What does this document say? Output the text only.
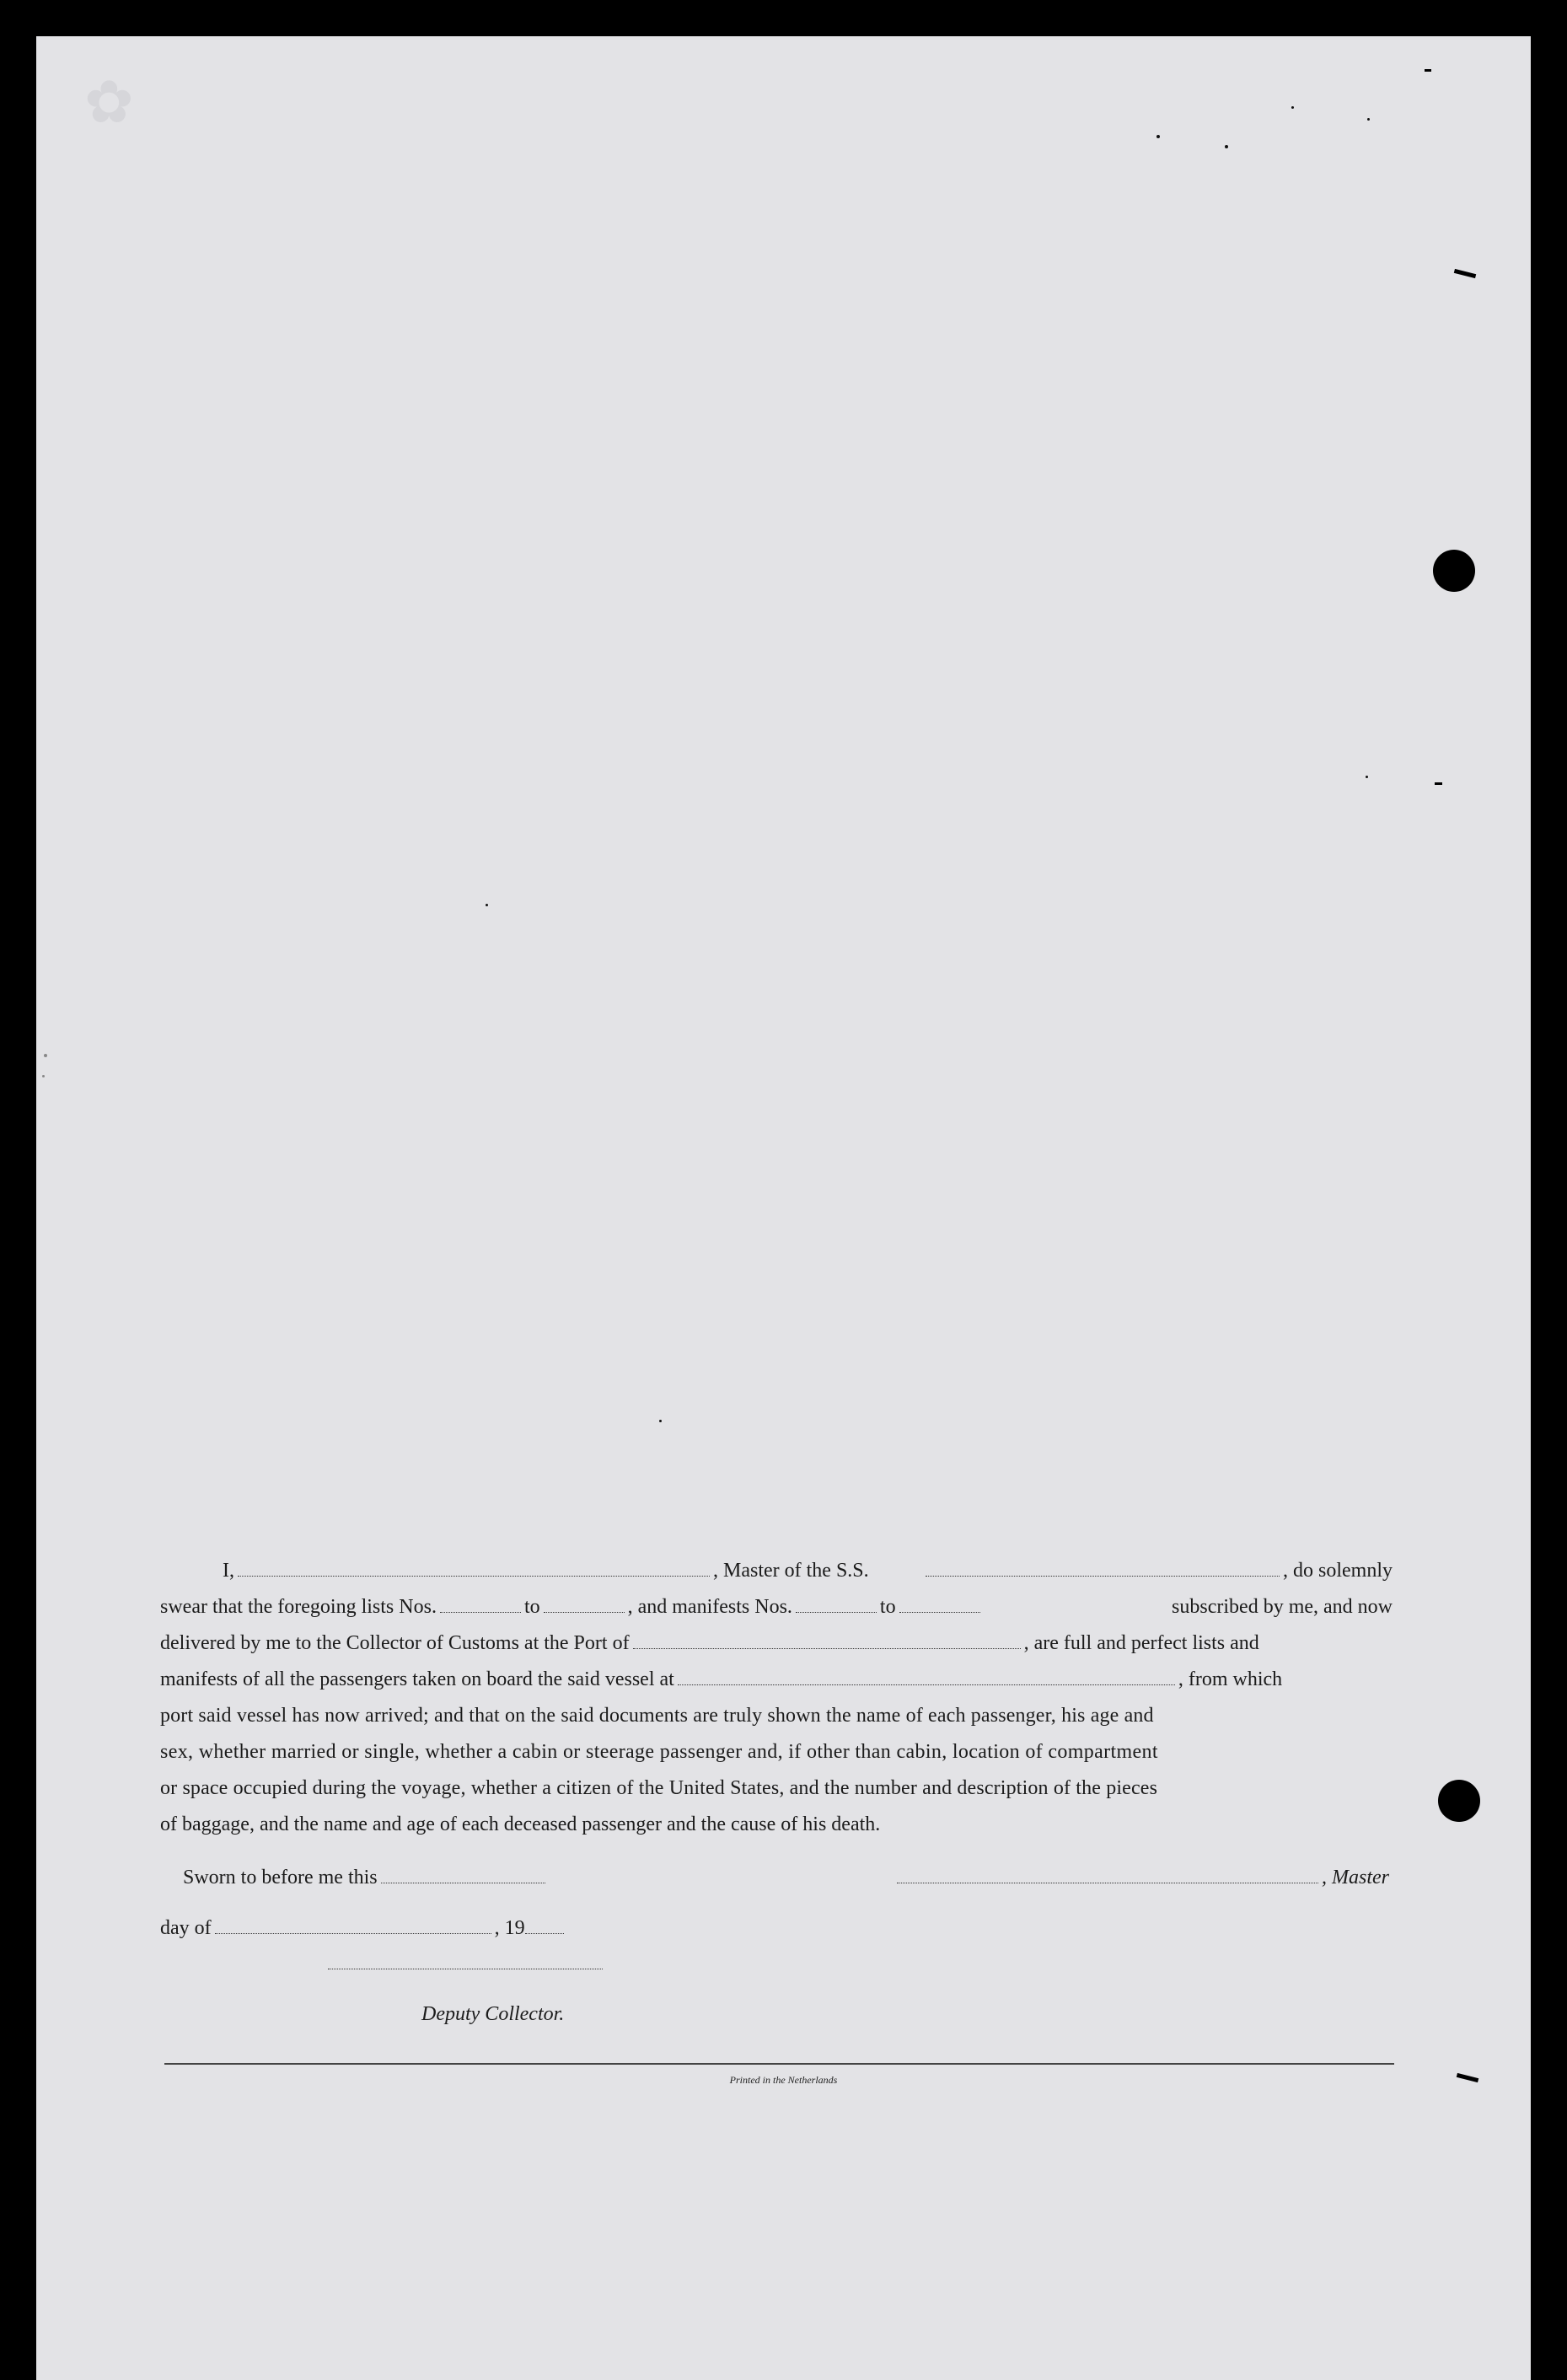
✿
I,	, Master of the S.S.	, do solemnly
swear that the foregoing lists Nos.	to	, and manifests Nos.	to	subscribed by me, and now
delivered by me to the Collector of Customs at the Port of	, are full and perfect lists and
manifests of all the passengers taken on board the said vessel at	, from which
port said vessel has now arrived; and that on the said documents are truly shown the name of each passenger, his age and
sex, whether married or single, whether a cabin or steerage passenger and, if other than cabin, location of compartment
or space occupied during the voyage, whether a citizen of the United States, and the number and description of the pieces
of baggage, and the name and age of each deceased passenger and the cause of his death.
Sworn to before me this	, Master
day of	, 19
Deputy Collector.
Printed in the Netherlands
